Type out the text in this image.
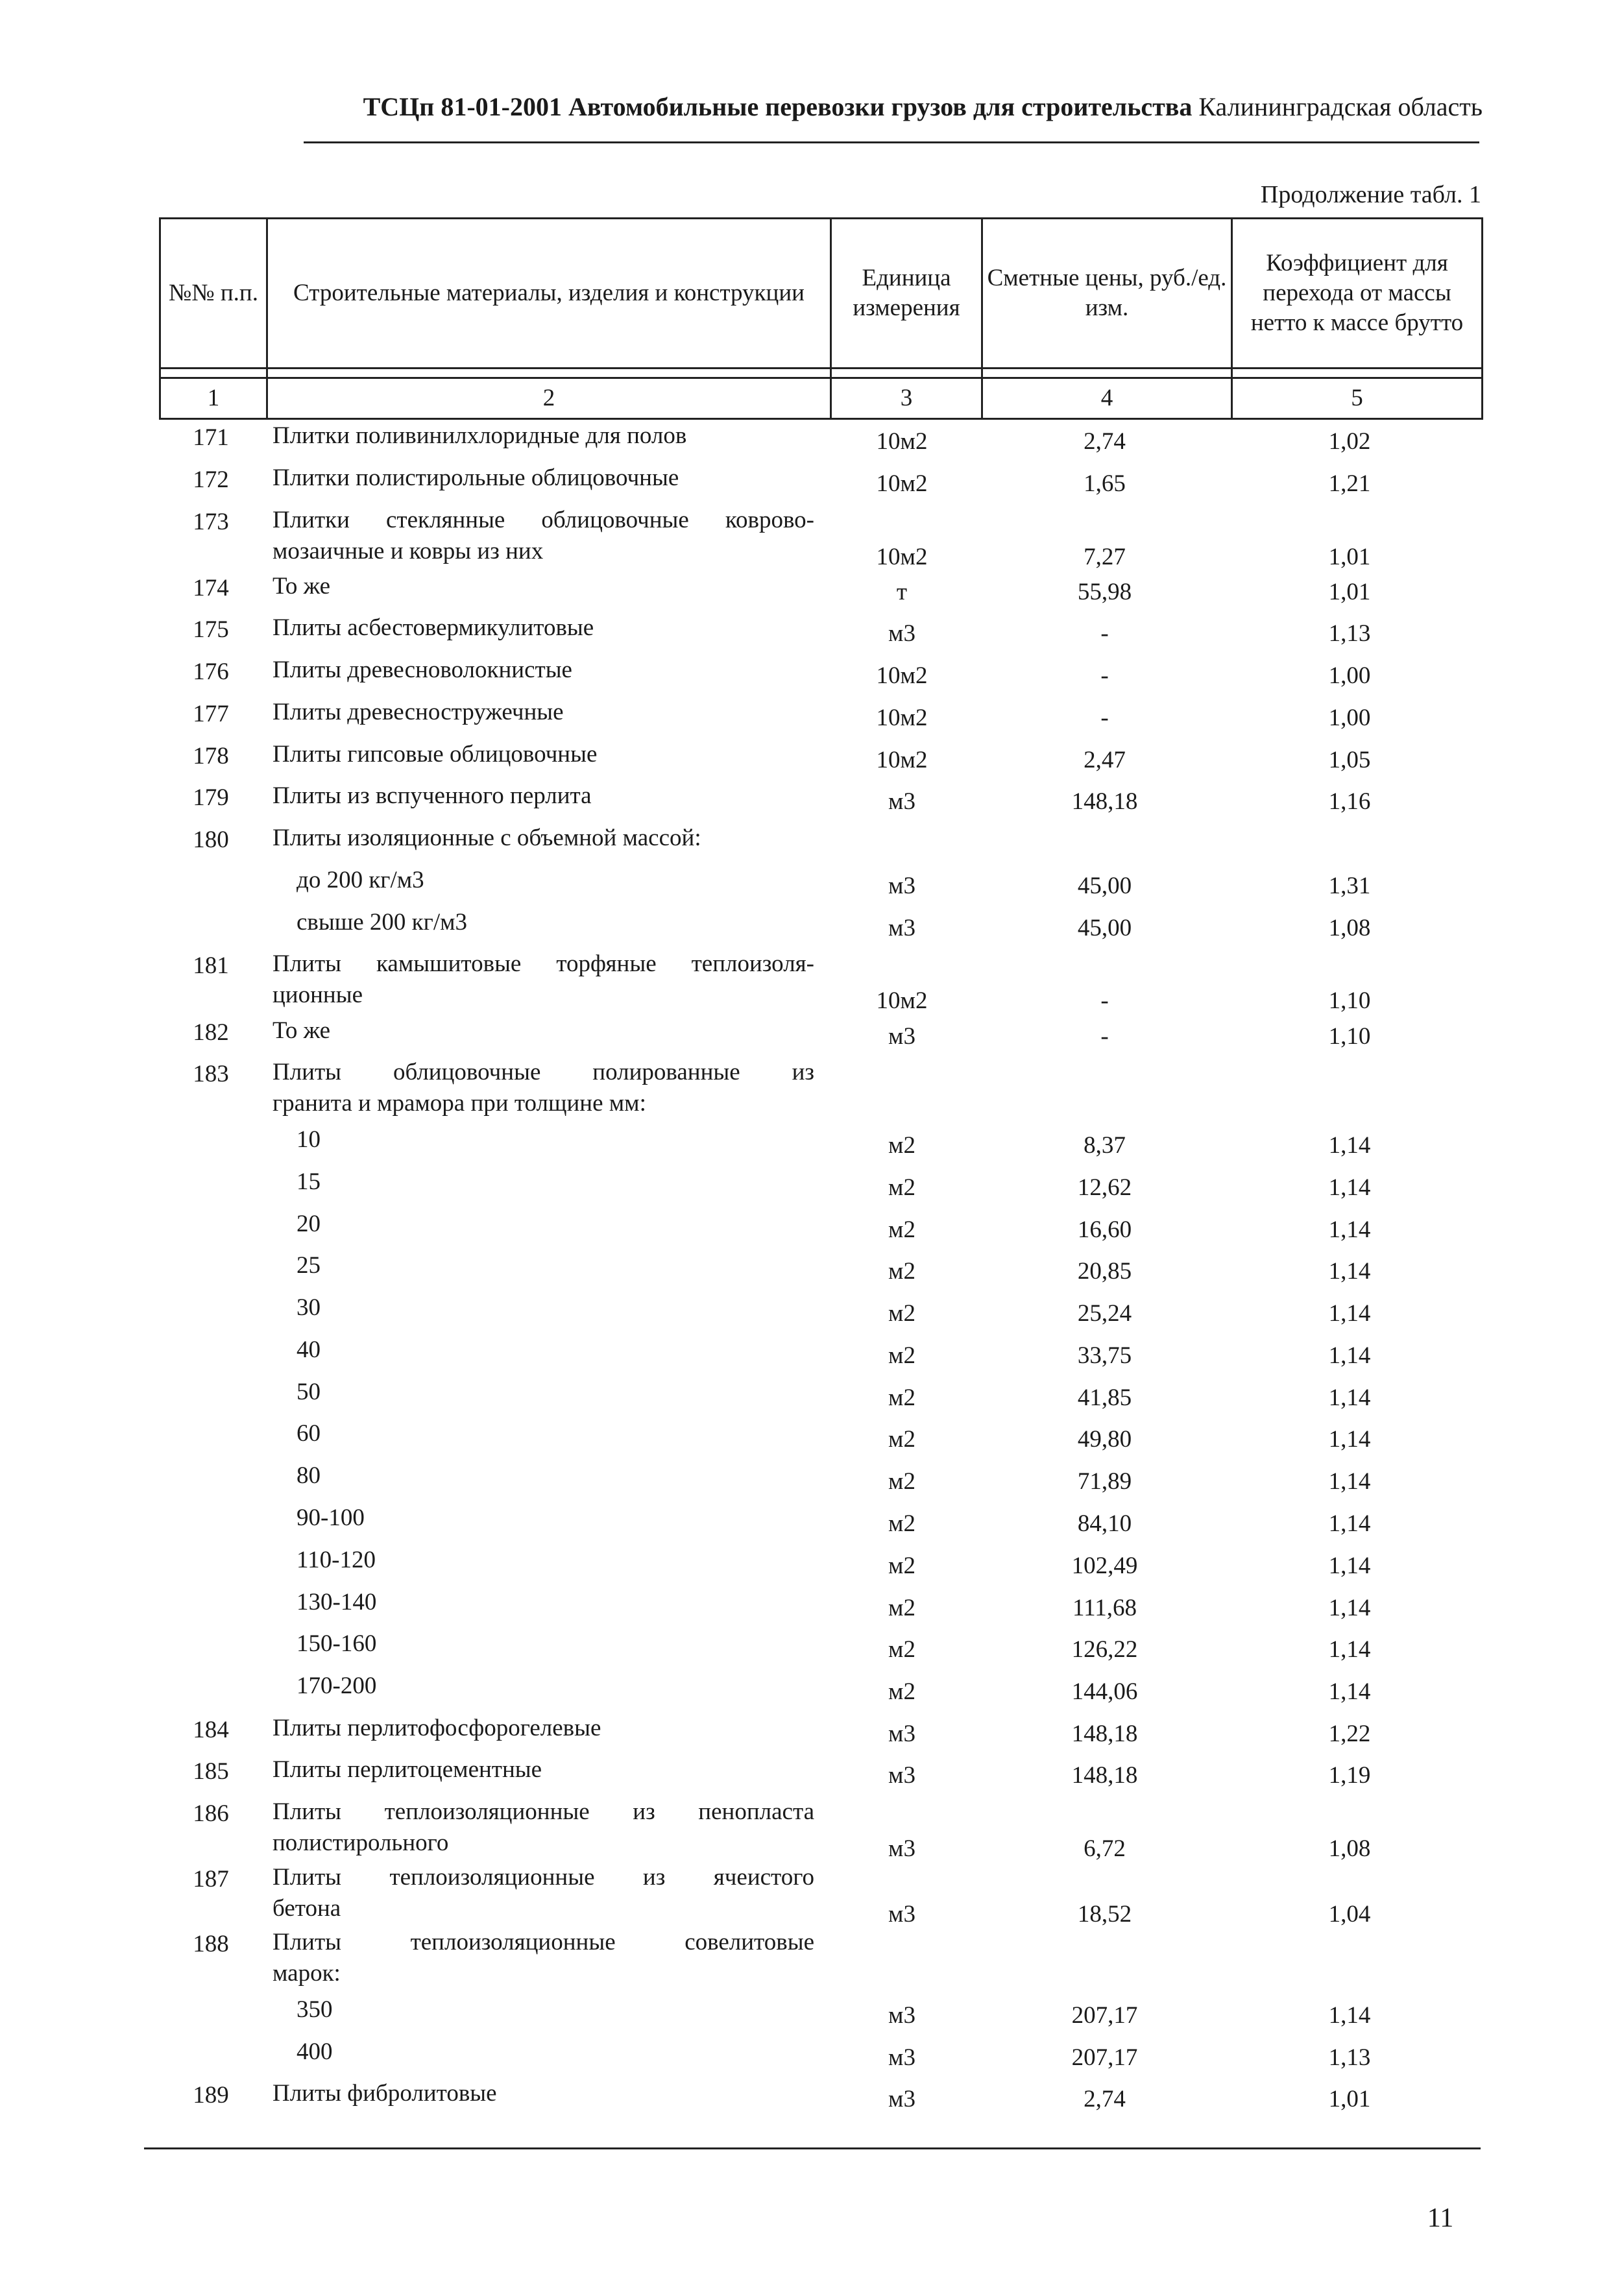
ТСЦп 81-01-2001 Автомобильные перевозки грузов для строительства Калининградская область
Продолжение табл. 1
№№ п.п.	Строительные материалы, изделия и конструкции	Единица измерения	Сметные цены, руб./ед. изм.	Коэффициент для перехода от массы нетто к массе брутто

1	2	3	4	5
171	Плитки поливинилхлоридные для полов	10м2	2,74	1,02
172	Плитки полистирольные облицовочные	10м2	1,65	1,21
173	Плитки стеклянные облицовочные коврово-
мозаичные и ковры из них	10м2	7,27	1,01
174	То же	т	55,98	1,01
175	Плиты асбестовермикулитовые	м3	-	1,13
176	Плиты древесноволокнистые	10м2	-	1,00
177	Плиты древесностружечные	10м2	-	1,00
178	Плиты гипсовые облицовочные	10м2	2,47	1,05
179	Плиты из вспученного перлита	м3	148,18	1,16
180	Плиты изоляционные с объемной массой:
до 200 кг/м3	м3	45,00	1,31
свыше 200 кг/м3	м3	45,00	1,08
181	Плиты камышитовые торфяные теплоизоля-
ционные	10м2	-	1,10
182	То же	м3	-	1,10
183	Плиты облицовочные полированные из
гранита и мрамора при толщине мм:
10	м2	8,37	1,14
15	м2	12,62	1,14
20	м2	16,60	1,14
25	м2	20,85	1,14
30	м2	25,24	1,14
40	м2	33,75	1,14
50	м2	41,85	1,14
60	м2	49,80	1,14
80	м2	71,89	1,14
90-100	м2	84,10	1,14
110-120	м2	102,49	1,14
130-140	м2	111,68	1,14
150-160	м2	126,22	1,14
170-200	м2	144,06	1,14
184	Плиты перлитофосфорогелевые	м3	148,18	1,22
185	Плиты перлитоцементные	м3	148,18	1,19
186	Плиты теплоизоляционные из пенопласта
полистирольного	м3	6,72	1,08
187	Плиты теплоизоляционные из ячеистого
бетона	м3	18,52	1,04
188	Плиты теплоизоляционные совелитовые
марок:
350	м3	207,17	1,14
400	м3	207,17	1,13
189	Плиты фибролитовые	м3	2,74	1,01
11
